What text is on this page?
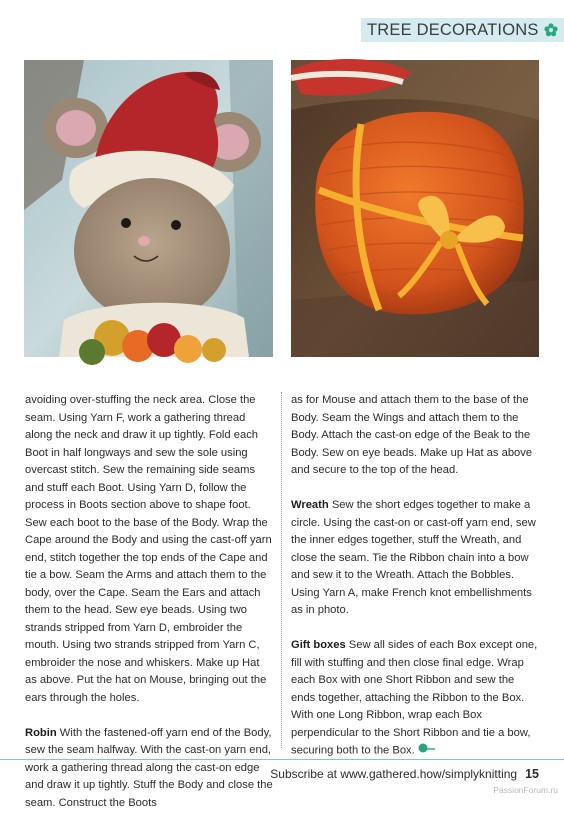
TREE DECORATIONS

avoiding over-stuffing the neck area. Close the seam. Using Yarn F, work a gathering thread along the neck and draw it up tightly. Fold each Boot in half longways and sew the sole using overcast stitch. Sew the remaining side seams and stuff each Boot. Using Yarn D, follow the process in Boots section above to shape foot. Sew each boot to the base of the Body. Wrap the Cape around the Body and using the cast-off yarn end, stitch together the top ends of the Cape and tie a bow. Seam the Arms and attach them to the body, over the Cape. Seam the Ears and attach them to the head. Sew eye beads. Using two strands stripped from Yarn D, embroider the mouth. Using two strands stripped from Yarn C, embroider the nose and whiskers. Make up Hat as above. Put the hat on Mouse, bringing out the ears through the holes.

Robin With the fastened-off yarn end of the Body, sew the seam halfway. With the cast-on yarn end, work a gathering thread along the cast-on edge and draw it up tightly. Stuff the Body and close the seam. Construct the Boots

as for Mouse and attach them to the base of the Body. Seam the Wings and attach them to the Body. Attach the cast-on edge of the Beak to the Body. Sew on eye beads. Make up Hat as above and secure to the top of the head.

Wreath Sew the short edges together to make a circle. Using the cast-on or cast-off yarn end, sew the inner edges together, stuff the Wreath, and close the seam. Tie the Ribbon chain into a bow and sew it to the Wreath. Attach the Bobbles. Using Yarn A, make French knot embellishments as in photo.

Gift boxes Sew all sides of each Box except one, fill with stuffing and then close final edge. Wrap each Box with one Short Ribbon and sew the ends together, attaching the Ribbon to the Box. With one Long Ribbon, wrap each Box perpendicular to the Short Ribbon and tie a bow, securing both to the Box.

Subscribe at www.gathered.how/simplyknitting 15
PassionForum.ru
